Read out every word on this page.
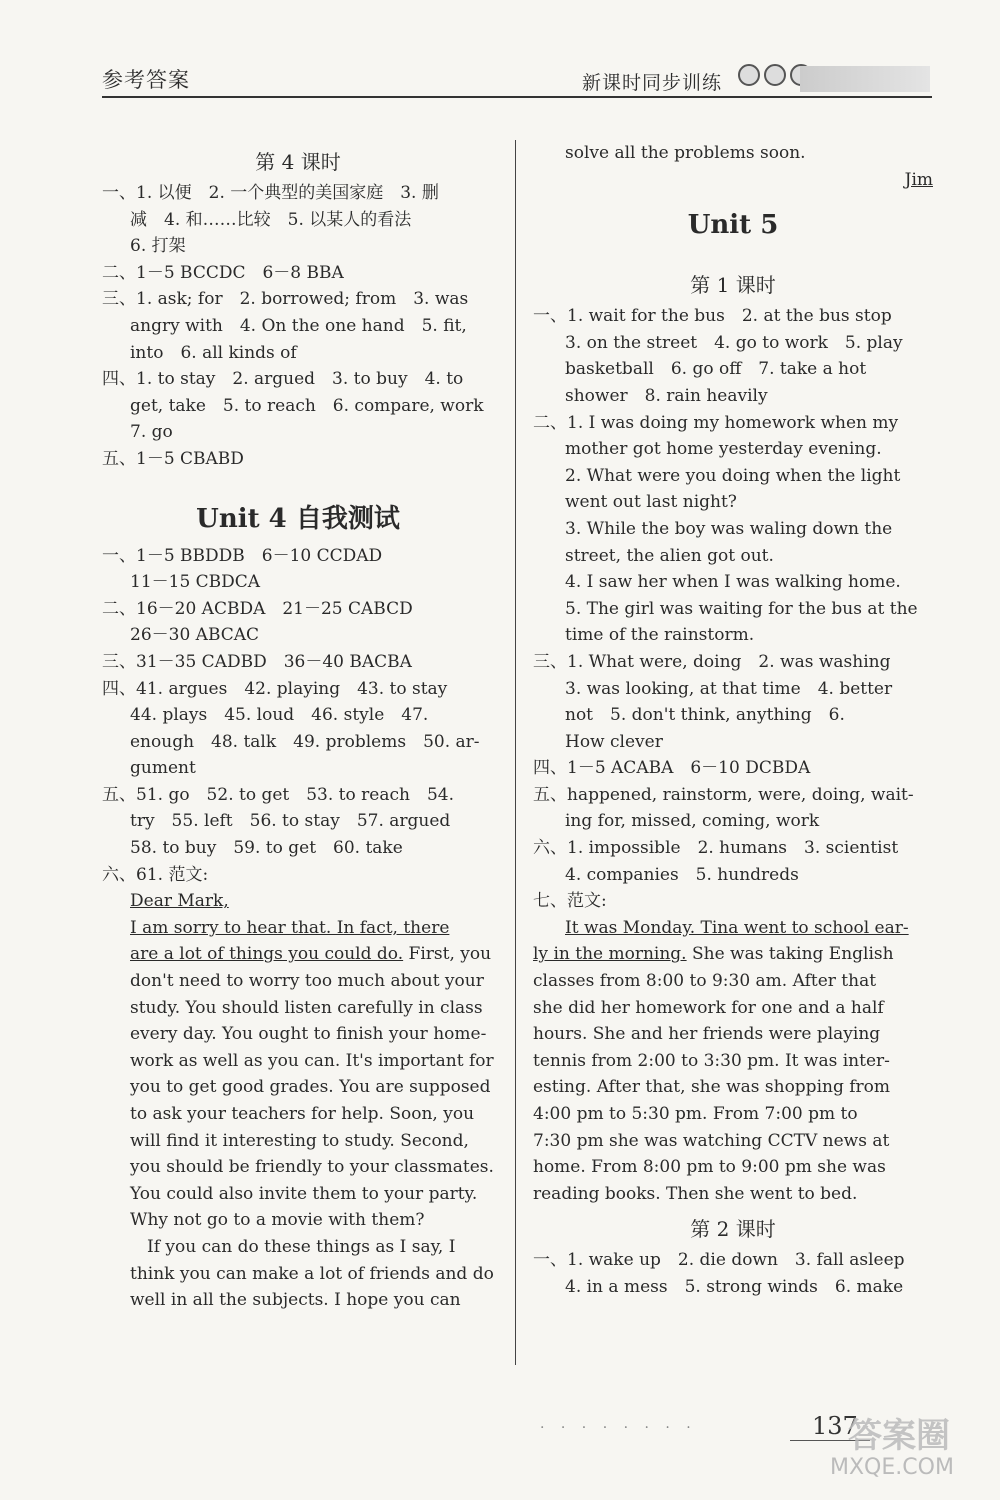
参考答案	新课时同步训练
第 4 课时
一、1. 以便　2. 一个典型的美国家庭　3. 删
减　4. 和……比较　5. 以某人的看法
6. 打架
二、1－5 BCCDC　6－8 BBA
三、1. ask; for　2. borrowed; from　3. was
angry with　4. On the one hand　5. fit,
into　6. all kinds of
四、1. to stay　2. argued　3. to buy　4. to
get, take　5. to reach　6. compare, work
7. go
五、1－5 CBABD
Unit 4 自我测试
一、1－5 BBDDB　6－10 CCDAD
11－15 CBDCA
二、16－20 ACBDA　21－25 CABCD
26－30 ABCAC
三、31－35 CADBD　36－40 BACBA
四、41. argues　42. playing　43. to stay
44. plays　45. loud　46. style　47.
enough　48. talk　49. problems　50. ar-
gument
五、51. go　52. to get　53. to reach　54.
try　55. left　56. to stay　57. argued
58. to buy　59. to get　60. take
六、61. 范文:
Dear Mark,
I am sorry to hear that. In fact, there
are a lot of things you could do. First, you
don't need to worry too much about your
study. You should listen carefully in class
every day. You ought to finish your home-
work as well as you can. It's important for
you to get good grades. You are supposed
to ask your teachers for help. Soon, you
will find it interesting to study. Second,
you should be friendly to your classmates.
You could also invite them to your party.
Why not go to a movie with them?
　If you can do these things as I say, I
think you can make a lot of friends and do
well in all the subjects. I hope you can
solve all the problems soon.
Jim
Unit 5
第 1 课时
一、1. wait for the bus　2. at the bus stop
3. on the street　4. go to work　5. play
basketball　6. go off　7. take a hot
shower　8. rain heavily
二、1. I was doing my homework when my
mother got home yesterday evening.
2. What were you doing when the light
went out last night?
3. While the boy was waling down the
street, the alien got out.
4. I saw her when I was walking home.
5. The girl was waiting for the bus at the
time of the rainstorm.
三、1. What were, doing　2. was washing
3. was looking, at that time　4. better
not　5. don't think, anything　6.
How clever
四、1－5 ACABA　6－10 DCBDA
五、happened, rainstorm, were, doing, wait-
ing for, missed, coming, work
六、1. impossible　2. humans　3. scientist
4. companies　5. hundreds
七、范文:
It was Monday. Tina went to school ear-
ly in the morning. She was taking English
classes from 8:00 to 9:30 am. After that
she did her homework for one and a half
hours. She and her friends were playing
tennis from 2:00 to 3:30 pm. It was inter-
esting. After that, she was shopping from
4:00 pm to 5:30 pm. From 7:00 pm to
7:30 pm she was watching CCTV news at
home. From 8:00 pm to 9:00 pm she was
reading books. Then she went to bed.
第 2 课时
一、1. wake up　2. die down　3. fall asleep
4. in a mess　5. strong winds　6. make
· · · · · · · ·	137
答案圈
MXQE.COM
